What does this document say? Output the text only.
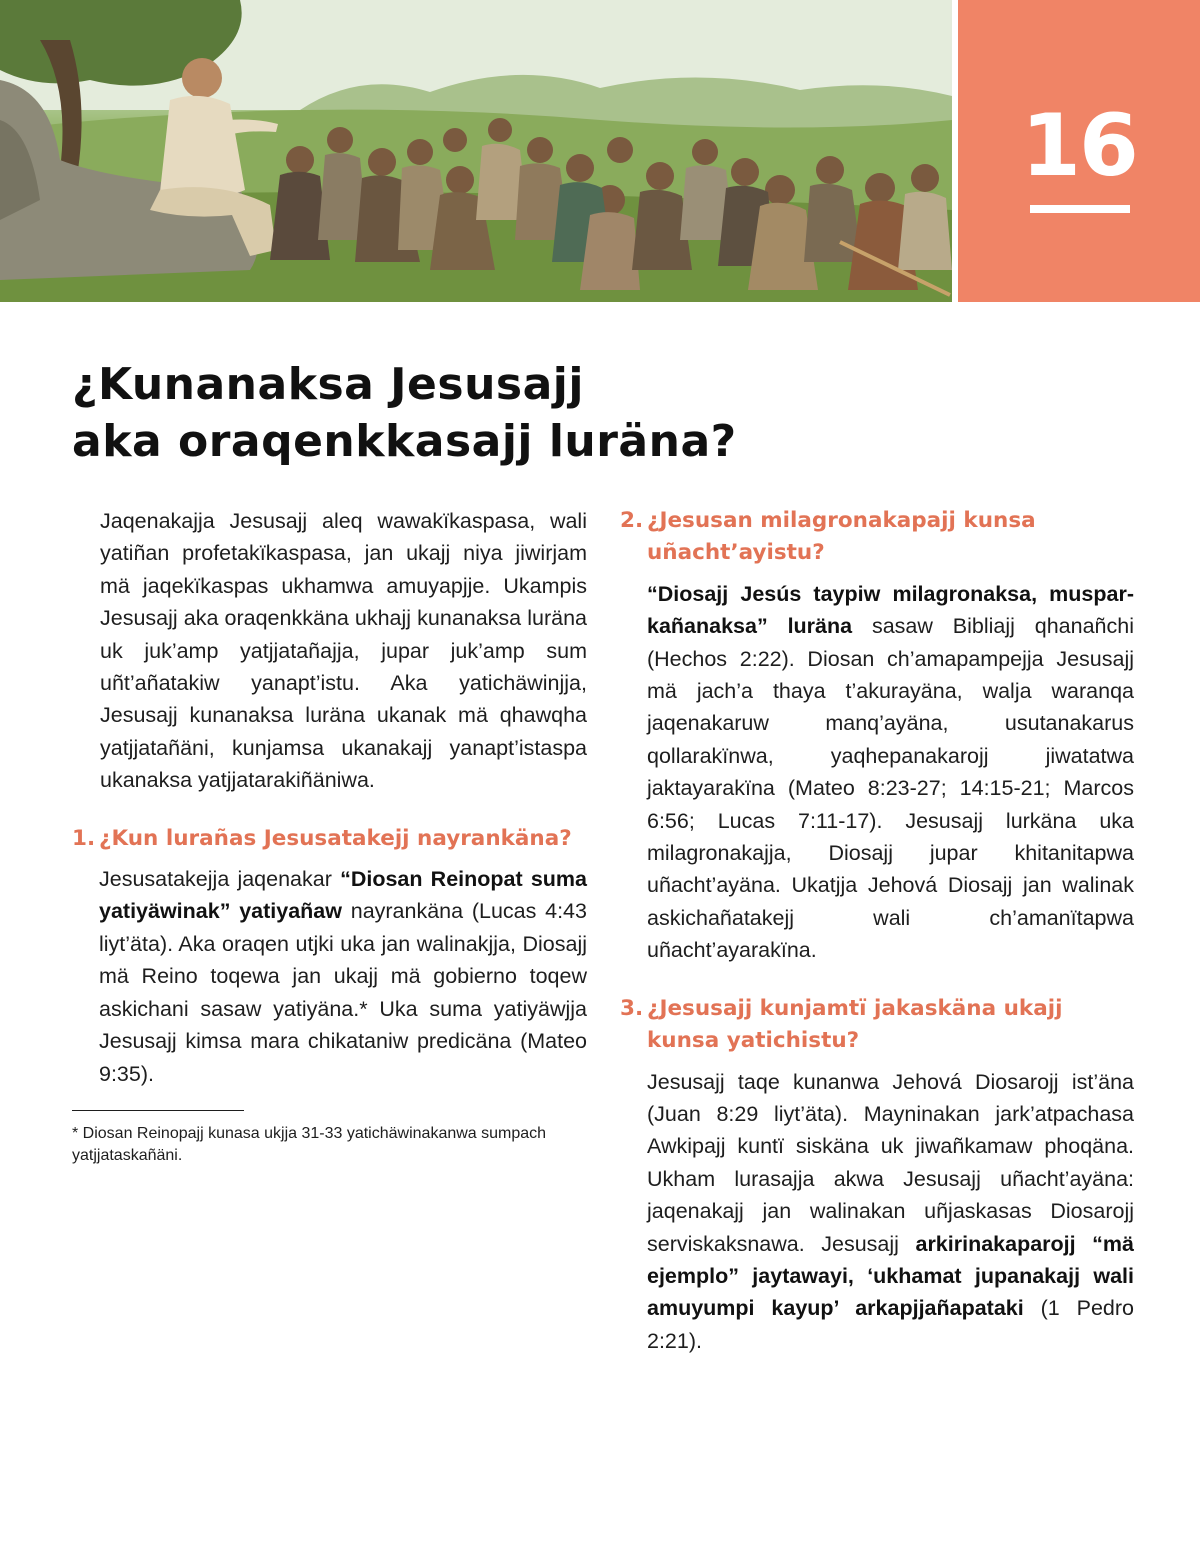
16
¿Kunanaksa Jesusajj
aka oraqenkkasajj luräna?

Jaqenakajja Jesusajj aleq wawakïkaspasa, wali yatiñan profetakïkaspasa, jan ukajj niya jiwirjam mä jaqekïkaspas ukhamwa amuyapjje. Ukampis Jesusajj aka oraqenkkäna ukhajj kunanaksa luräna uk juk’amp yatjjatañajja, jupar juk’amp sum uñt’añatakiw yanapt’istu. Aka yatichäwinjja, Jesusajj kunanaksa luräna ukanak mä qhawqha yatjjatañäni, kunjamsa ukanakajj yanapt’istaspa ukanaksa yatjjatarakiñäniwa.

1. ¿Kun lurañas Jesusatakejj nayrankäna?

Jesusatakejja jaqenakar “Diosan Reinopat suma yatiyäwinak” yatiyañaw nayrankäna (Lucas 4:43 liyt’äta). Aka oraqen utjki uka jan walinakjja, Diosajj mä Reino toqewa jan ukajj mä gobierno toqew askichani sasaw yatiyäna.* Uka suma yatiyäwjja Jesusajj kimsa mara chikataniw predicäna (Mateo 9:35).

* Diosan Reinopajj kunasa ukjja 31-33 yatichäwinakanwa sumpach yatjjataskañäni.

2. ¿Jesusan milagronakapajj kunsa uñacht’ayistu?

“Diosajj Jesús taypiw milagronaksa, musparkañanaksa” luräna sasaw Bibliajj qhanañchi (Hechos 2:22). Diosan ch’amapampejja Jesusajj mä jach’a thaya t’akurayäna, walja waranqa jaqenakaruw manq’ayäna, usutanakarus qollarakïnwa, yaqhepanakarojj jiwatatwa jaktayarakïna (Mateo 8:23-27; 14:15-21; Marcos 6:56; Lucas 7:11-17). Jesusajj lurkäna uka milagronakajja, Diosajj jupar khitanitapwa uñacht’ayäna. Ukatjja Jehová Diosajj jan walinak askichañatakejj wali ch’amanïtapwa uñacht’ayarakïna.

3. ¿Jesusajj kunjamtï jakaskäna ukajj kunsa yatichistu?

Jesusajj taqe kunanwa Jehová Diosarojj ist’äna (Juan 8:29 liyt’äta). Mayninakan jark’atpachasa Awkipajj kuntï siskäna uk jiwañkamaw phoqäna. Ukham lurasajja akwa Jesusajj uñacht’ayäna: jaqenakajj jan walinakan uñjaskasas Diosarojj serviskaksnawa. Jesusajj arkirinakaparojj “mä ejemplo” jaytawayi, ‘ukhamat jupanakajj wali amuyumpi kayup’ arkapjjañapataki (1 Pedro 2:21).
